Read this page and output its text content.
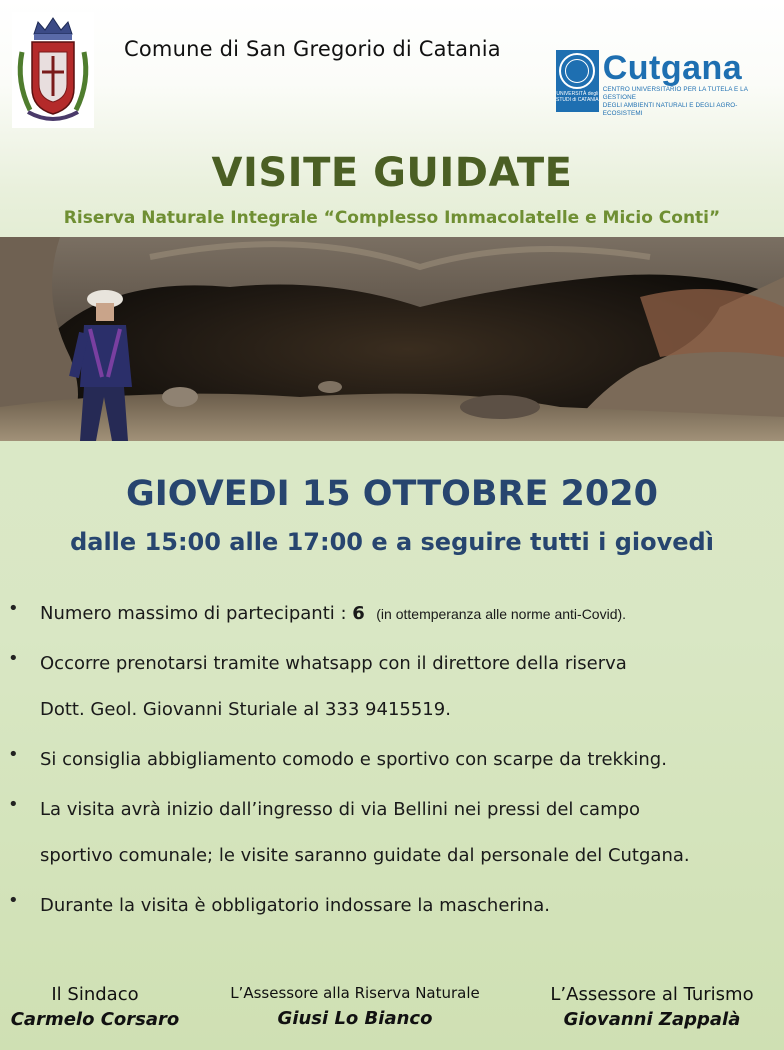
Comune di San Gregorio di Catania
UNIVERSITÀ degli STUDI di CATANIA
Cutgana
CENTRO UNIVERSITARIO PER LA TUTELA E LA GESTIONE
DEGLI AMBIENTI NATURALI E DEGLI AGRO-ECOSISTEMI
VISITE GUIDATE
Riserva Naturale Integrale “Complesso Immacolatelle e Micio Conti”
GIOVEDI 15 OTTOBRE 2020
dalle 15:00 alle 17:00 e a seguire tutti i giovedì
• Numero massimo di partecipanti : 6 (in ottemperanza alle norme anti-Covid).
• Occorre prenotarsi tramite whatsapp con il direttore della riserva
Dott. Geol. Giovanni Sturiale al 333 9415519.
• Si consiglia abbigliamento comodo e sportivo con scarpe da trekking.
• La visita avrà inizio dall’ingresso di via Bellini nei pressi del campo
sportivo comunale; le visite saranno guidate dal personale del Cutgana.
• Durante la visita è obbligatorio indossare la mascherina.
Il Sindaco
Carmelo Corsaro
L’Assessore alla Riserva Naturale
Giusi Lo Bianco
L’Assessore al Turismo
Giovanni Zappalà
